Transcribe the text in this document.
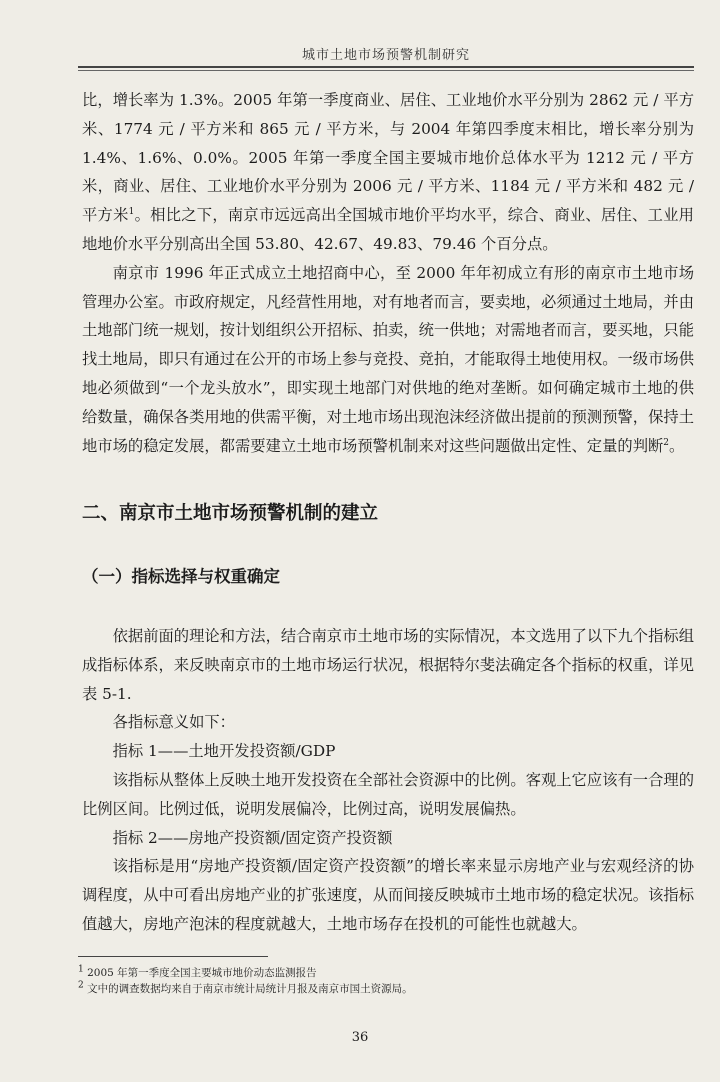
城市土地市场预警机制研究

比，增长率为 1.3%。2005 年第一季度商业、居住、工业地价水平分别为 2862 元 / 平方米、1774 元 / 平方米和 865 元 / 平方米，与 2004 年第四季度末相比，增长率分别为 1.4%、1.6%、0.0%。2005 年第一季度全国主要城市地价总体水平为 1212 元 / 平方米，商业、居住、工业地价水平分别为 2006 元 / 平方米、1184 元 / 平方米和 482 元 / 平方米$^1$。相比之下，南京市远远高出全国城市地价平均水平，综合、商业、居住、工业用地地价水平分别高出全国 53.80、42.67、49.83、79.46 个百分点。

南京市 1996 年正式成立土地招商中心，至 2000 年年初成立有形的南京市土地市场管理办公室。市政府规定，凡经营性用地，对有地者而言，要卖地，必须通过土地局，并由土地部门统一规划，按计划组织公开招标、拍卖，统一供地；对需地者而言，要买地，只能找土地局，即只有通过在公开的市场上参与竞投、竞拍，才能取得土地使用权。一级市场供地必须做到“一个龙头放水”，即实现土地部门对供地的绝对垄断。如何确定城市土地的供给数量，确保各类用地的供需平衡，对土地市场出现泡沫经济做出提前的预测预警，保持土地市场的稳定发展，都需要建立土地市场预警机制来对这些问题做出定性、定量的判断$^2$。

二、南京市土地市场预警机制的建立

（一）指标选择与权重确定

依据前面的理论和方法，结合南京市土地市场的实际情况，本文选用了以下九个指标组成指标体系，来反映南京市的土地市场运行状况，根据特尔斐法确定各个指标的权重，详见表 5-1.

各指标意义如下：

指标 1——土地开发投资额/GDP

该指标从整体上反映土地开发投资在全部社会资源中的比例。客观上它应该有一合理的比例区间。比例过低，说明发展偏冷，比例过高，说明发展偏热。

指标 2——房地产投资额/固定资产投资额

该指标是用“房地产投资额/固定资产投资额”的增长率来显示房地产业与宏观经济的协调程度，从中可看出房地产业的扩张速度，从而间接反映城市土地市场的稳定状况。该指标值越大，房地产泡沫的程度就越大，土地市场存在投机的可能性也就越大。

$^1$ 2005 年第一季度全国主要城市地价动态监测报告

$^2$ 文中的调查数据均来自于南京市统计局统计月报及南京市国土资源局。

36
